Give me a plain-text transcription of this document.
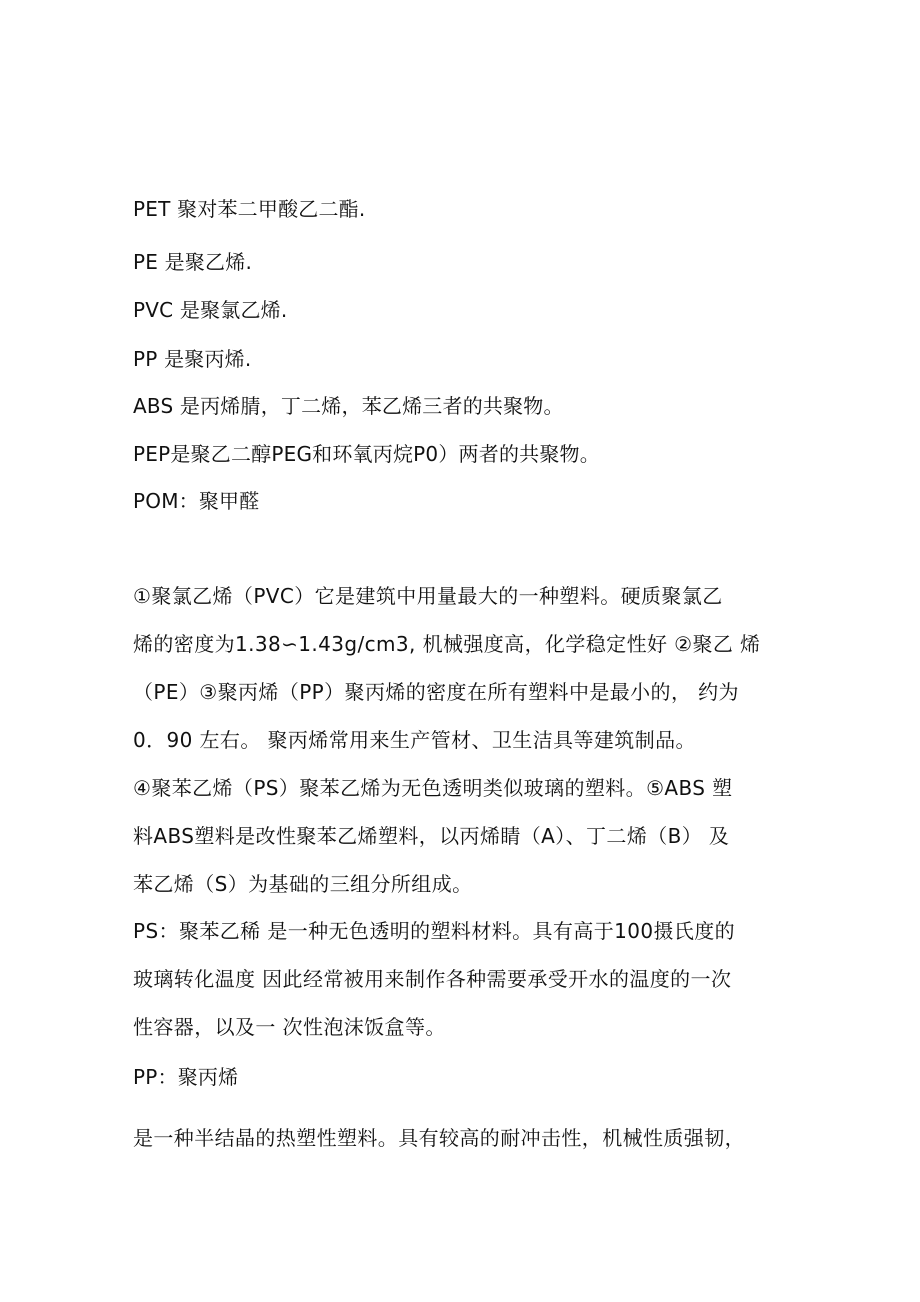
PET 聚对苯二甲酸乙二酯.
PE 是聚乙烯.
PVC 是聚氯乙烯.
PP 是聚丙烯.
ABS 是丙烯腈，丁二烯，苯乙烯三者的共聚物。
PEP是聚乙二醇PEG和环氧丙烷P0）两者的共聚物。
POM：聚甲醛
①聚氯乙烯（PVC）它是建筑中用量最大的一种塑料。硬质聚氯乙
烯的密度为1.38∽1.43g/cm3, 机械强度高，化学稳定性好 ②聚乙 烯
（PE）③聚丙烯（PP）聚丙烯的密度在所有塑料中是最小的， 约为
0．90 左右。 聚丙烯常用来生产管材、卫生洁具等建筑制品。
④聚苯乙烯（PS）聚苯乙烯为无色透明类似玻璃的塑料。⑤ABS 塑
料ABS塑料是改性聚苯乙烯塑料，以丙烯睛（A）、丁二烯（B） 及
苯乙烯（S）为基础的三组分所组成。
PS：聚苯乙稀 是一种无色透明的塑料材料。具有高于100摄氏度的
玻璃转化温度 因此经常被用来制作各种需要承受开水的温度的一次
性容器，以及一 次性泡沫饭盒等。
PP：聚丙烯
是一种半结晶的热塑性塑料。具有较高的耐冲击性，机械性质强韧，
